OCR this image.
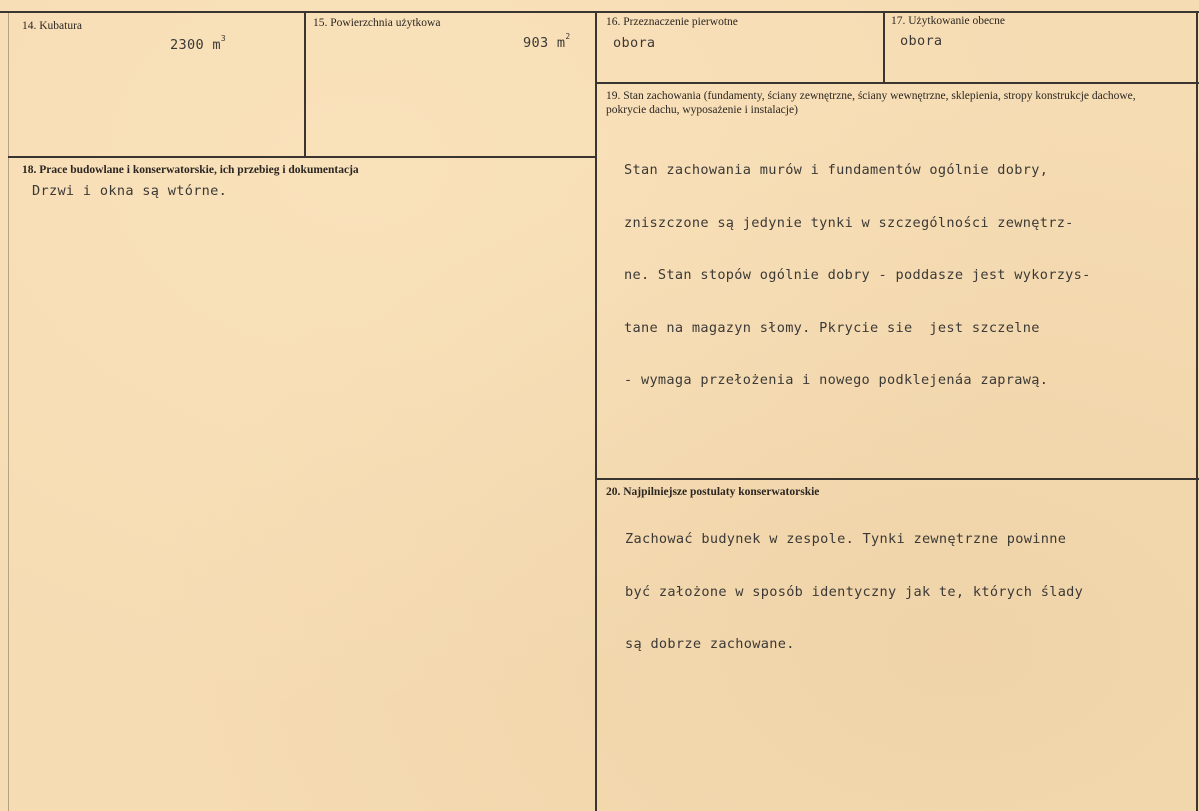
14. Kubatura
2300 $m^3$
15. Powierzchnia użytkowa
903 $m^2$
16. Przeznaczenie pierwotne
obora
17. Użytkowanie obecne
obora
18. Prace budowlane i konserwatorskie, ich przebieg i dokumentacja
Drzwi i okna są wtórne.
19. Stan zachowania (fundamenty, ściany zewnętrzne, ściany wewnętrzne, sklepienia, stropy konstrukcje dachowe, pokrycie dachu, wyposażenie i instalacje)

Stan zachowania murów i fundamentów ogólnie dobry,

zniszczone są jedynie tynki w szczególności zewnętrz-

ne. Stan stopów ogólnie dobry - poddasze jest wykorzys-

tane na magazyn słomy. Pkrycie sie  jest szczelne

- wymaga przełożenia i nowego podklejenáa zaprawą.

20. Najpilniejsze postulaty konserwatorskie

Zachować budynek w zespole. Tynki zewnętrzne powinne

być założone w sposób identyczny jak te, których ślady

są dobrze zachowane.
